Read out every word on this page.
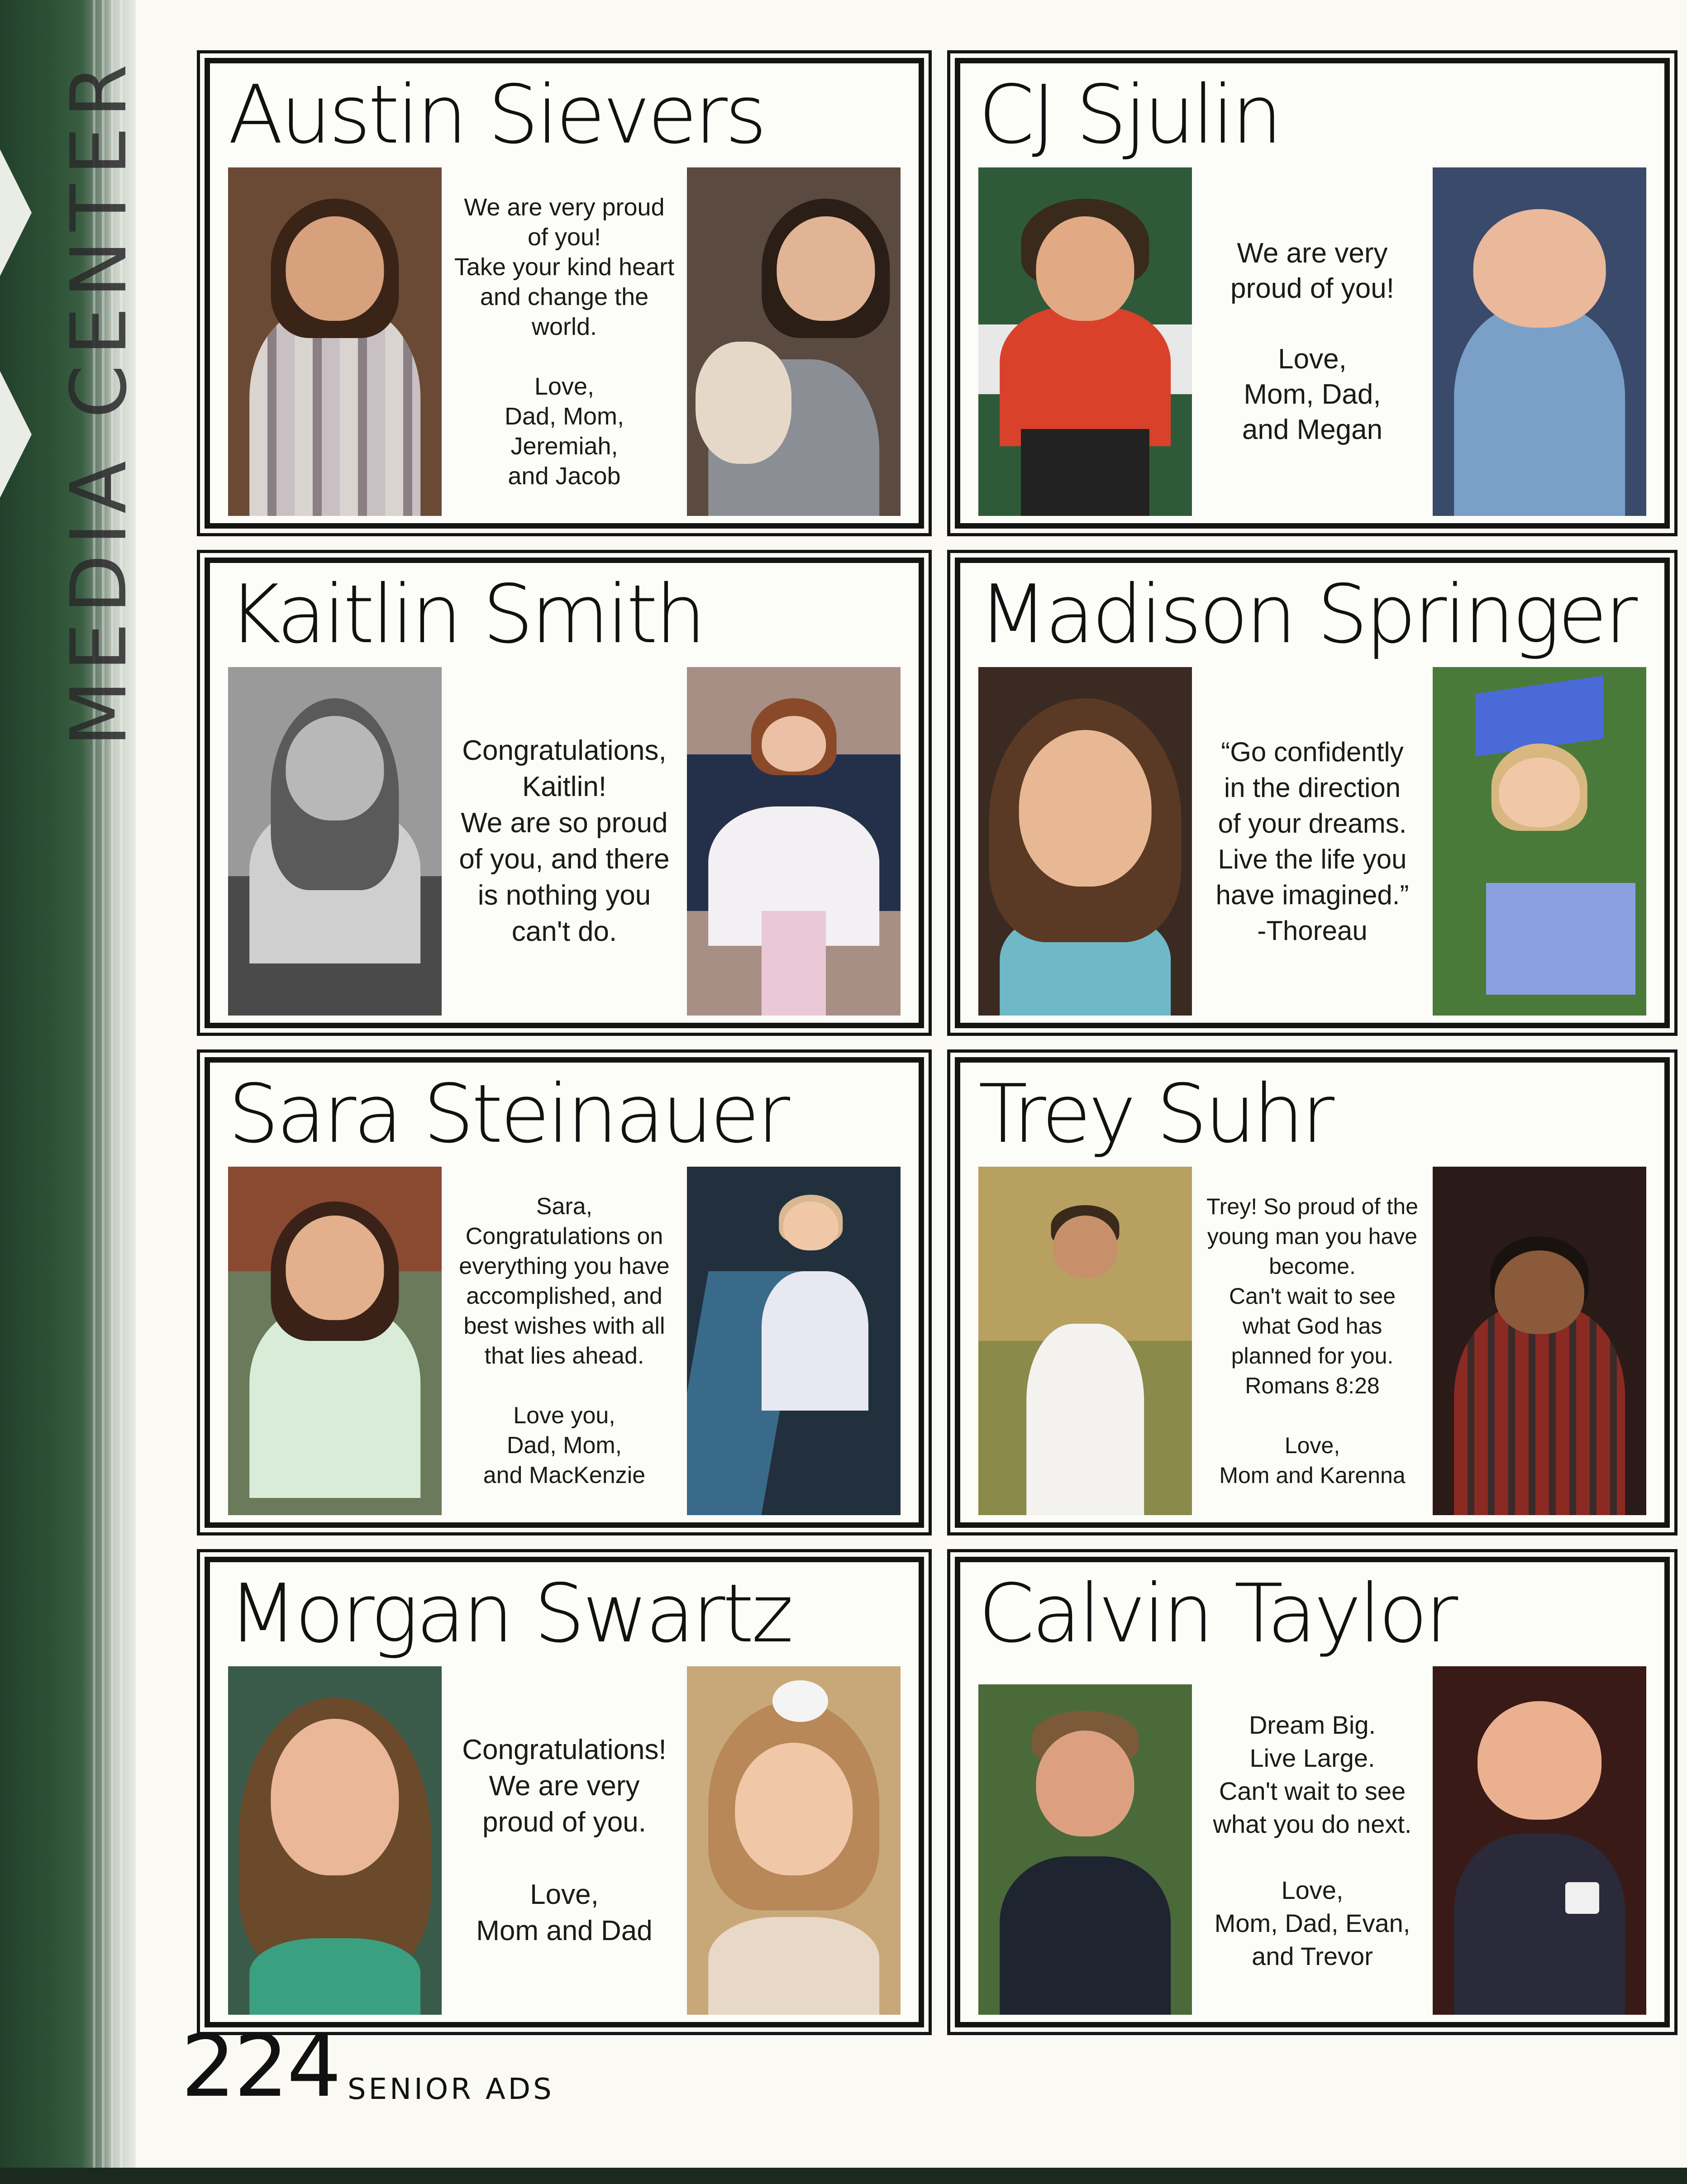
MEDIA CENTER Austin Sievers
We are very proud
of you!
Take your kind heart
and change the
world.
Love,
Dad, Mom,
Jeremiah,
and Jacob
CJ Sjulin
We are very
proud of you!
Love,
Mom, Dad,
and Megan
Kaitlin Smith
Congratulations,
Kaitlin!
We are so proud
of you, and there
is nothing you
can't do.
Madison Springer
“Go confidently
in the direction
of your dreams.
Live the life you
have imagined.”
-Thoreau
Sara Steinauer
Sara,
Congratulations on
everything you have
accomplished, and
best wishes with all
that lies ahead.
Love you,
Dad, Mom,
and MacKenzie
Trey Suhr
Trey! So proud of the
young man you have
become.
Can't wait to see
what God has
planned for you.
Romans 8:28
Love,
Mom and Karenna
Morgan Swartz
Congratulations!
We are very
proud of you.
Love,
Mom and Dad
Calvin Taylor
Dream Big.
Live Large.
Can't wait to see
what you do next.
Love,
Mom, Dad, Evan,
and Trevor
224 SENIOR ADS
